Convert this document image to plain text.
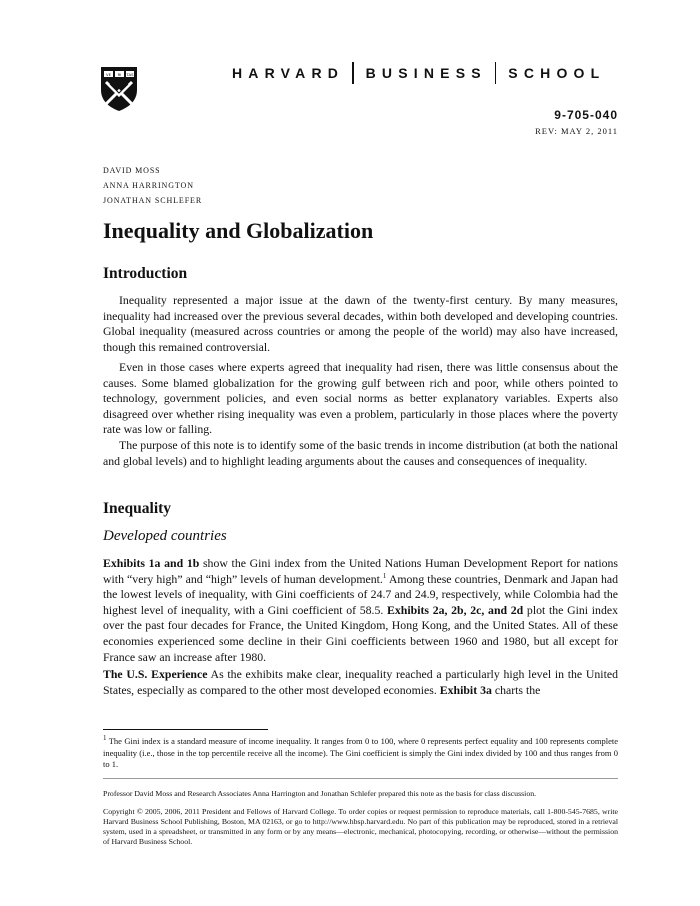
VE RI TAS	HARVARD BUSINESS SCHOOL
9-705-040
REV: MAY 2, 2011
DAVID MOSS
ANNA HARRINGTON
JONATHAN SCHLEFER
Inequality and Globalization
Introduction

Inequality represented a major issue at the dawn of the twenty-first century. By many measures, inequality had increased over the previous several decades, within both developed and developing countries. Global inequality (measured across countries or among the people of the world) may also have increased, though this remained controversial.

Even in those cases where experts agreed that inequality had risen, there was little consensus about the causes. Some blamed globalization for the growing gulf between rich and poor, while others pointed to technology, government policies, and even social norms as better explanatory variables. Experts also disagreed over whether rising inequality was even a problem, particularly in those places where the poverty rate was low or falling.

The purpose of this note is to identify some of the basic trends in income distribution (at both the national and global levels) and to highlight leading arguments about the causes and consequences of inequality.

Inequality
Developed countries

Exhibits 1a and 1b show the Gini index from the United Nations Human Development Report for nations with “very high” and “high” levels of human development.$^1$ Among these countries, Denmark and Japan had the lowest levels of inequality, with Gini coefficients of 24.7 and 24.9, respectively, while Colombia had the highest level of inequality, with a Gini coefficient of 58.5. Exhibits 2a, 2b, 2c, and 2d plot the Gini index over the past four decades for France, the United Kingdom, Hong Kong, and the United States. All of these economies experienced some decline in their Gini coefficients between 1960 and 1980, but all except for France saw an increase after 1980.

The U.S. Experience As the exhibits make clear, inequality reached a particularly high level in the United States, especially as compared to the other most developed economies. Exhibit 3a charts the

$^1$ The Gini index is a standard measure of income inequality. It ranges from 0 to 100, where 0 represents perfect equality and 100 represents complete inequality (i.e., those in the top percentile receive all the income). The Gini coefficient is simply the Gini index divided by 100 and thus ranges from 0 to 1.

Professor David Moss and Research Associates Anna Harrington and Jonathan Schlefer prepared this note as the basis for class discussion.

Copyright © 2005, 2006, 2011 President and Fellows of Harvard College. To order copies or request permission to reproduce materials, call 1-800-545-7685, write Harvard Business School Publishing, Boston, MA 02163, or go to http://www.hbsp.harvard.edu. No part of this publication may be reproduced, stored in a retrieval system, used in a spreadsheet, or transmitted in any form or by any means—electronic, mechanical, photocopying, recording, or otherwise—without the permission of Harvard Business School.
